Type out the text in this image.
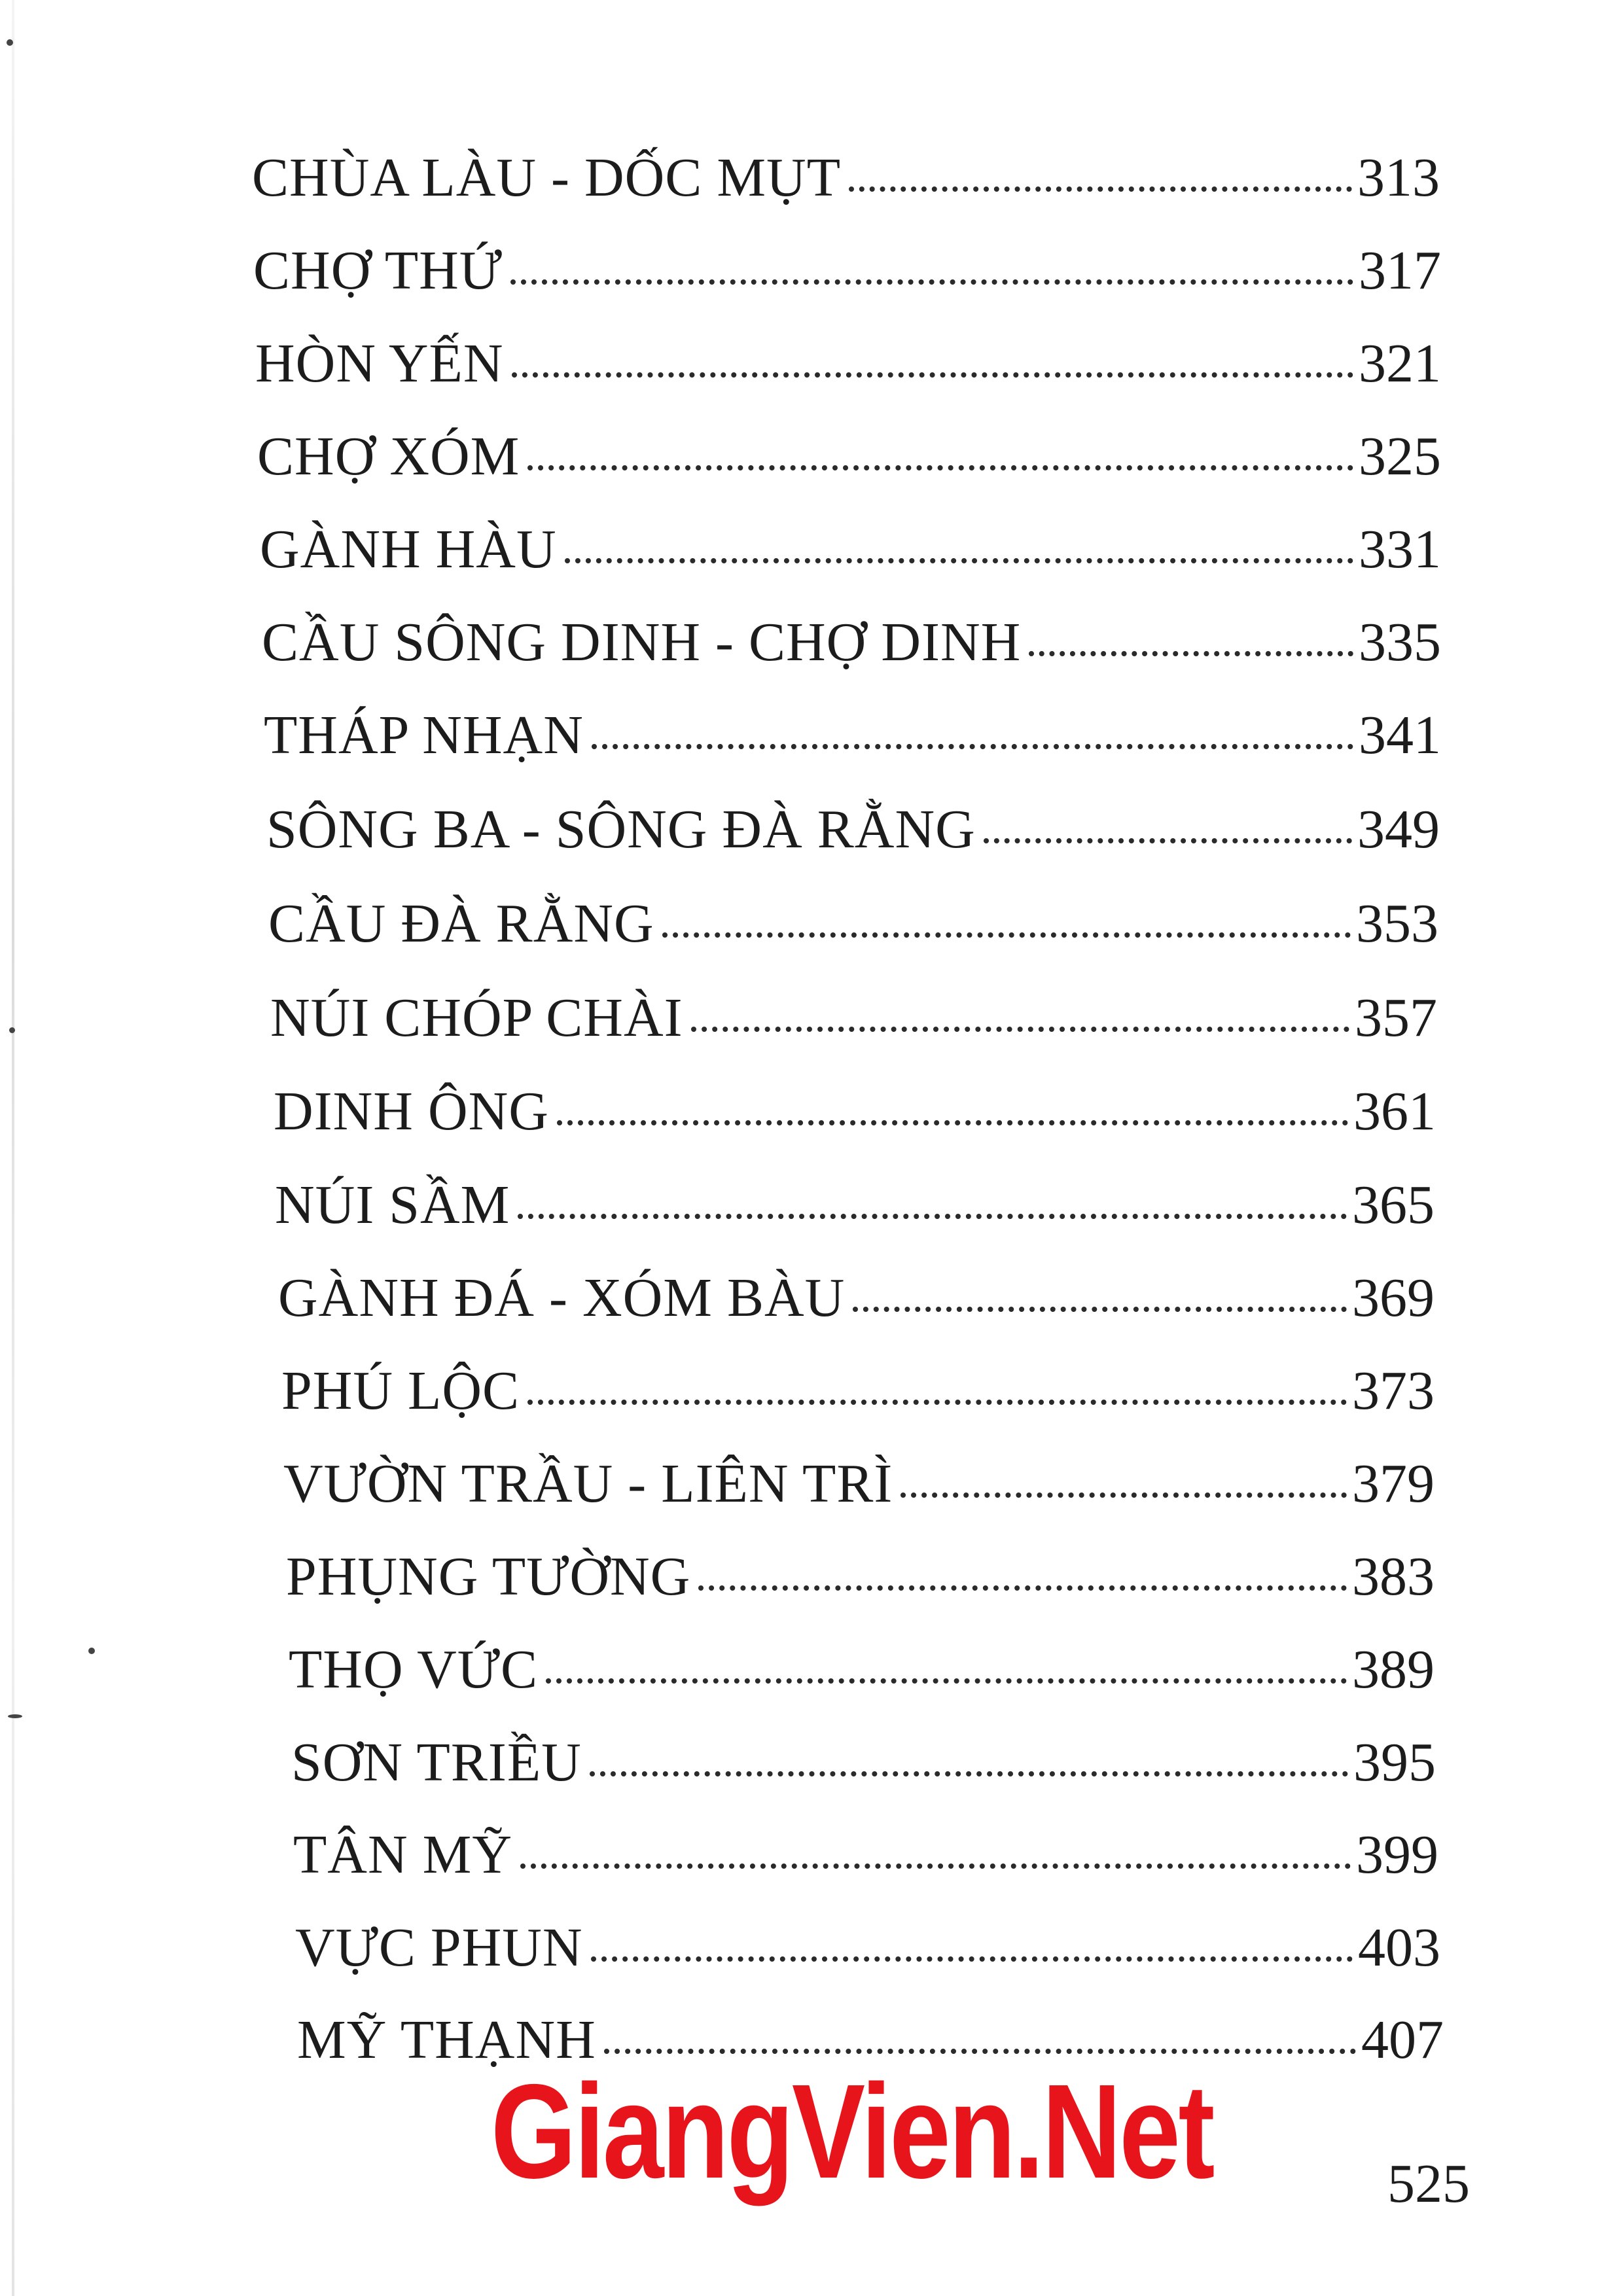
CHÙA LÀU - DỐC MỤT	313
CHỢ THỨ	317
HÒN YẾN	321
CHỢ XÓM	325
GÀNH HÀU	331
CẦU SÔNG DINH - CHỢ DINH	335
THÁP NHẠN	341
SÔNG BA - SÔNG ĐÀ RẰNG	349
CẦU ĐÀ RẰNG	353
NÚI CHÓP CHÀI	357
DINH ÔNG	361
NÚI SẦM	365
GÀNH ĐÁ - XÓM BÀU	369
PHÚ LỘC	373
VƯỜN TRẦU - LIÊN TRÌ	379
PHỤNG TƯỜNG	383
THỌ VỨC	389
SƠN TRIỀU	395
TÂN MỸ	399
VỰC PHUN	403
MỸ THẠNH	407
GiangVien.Net	525
